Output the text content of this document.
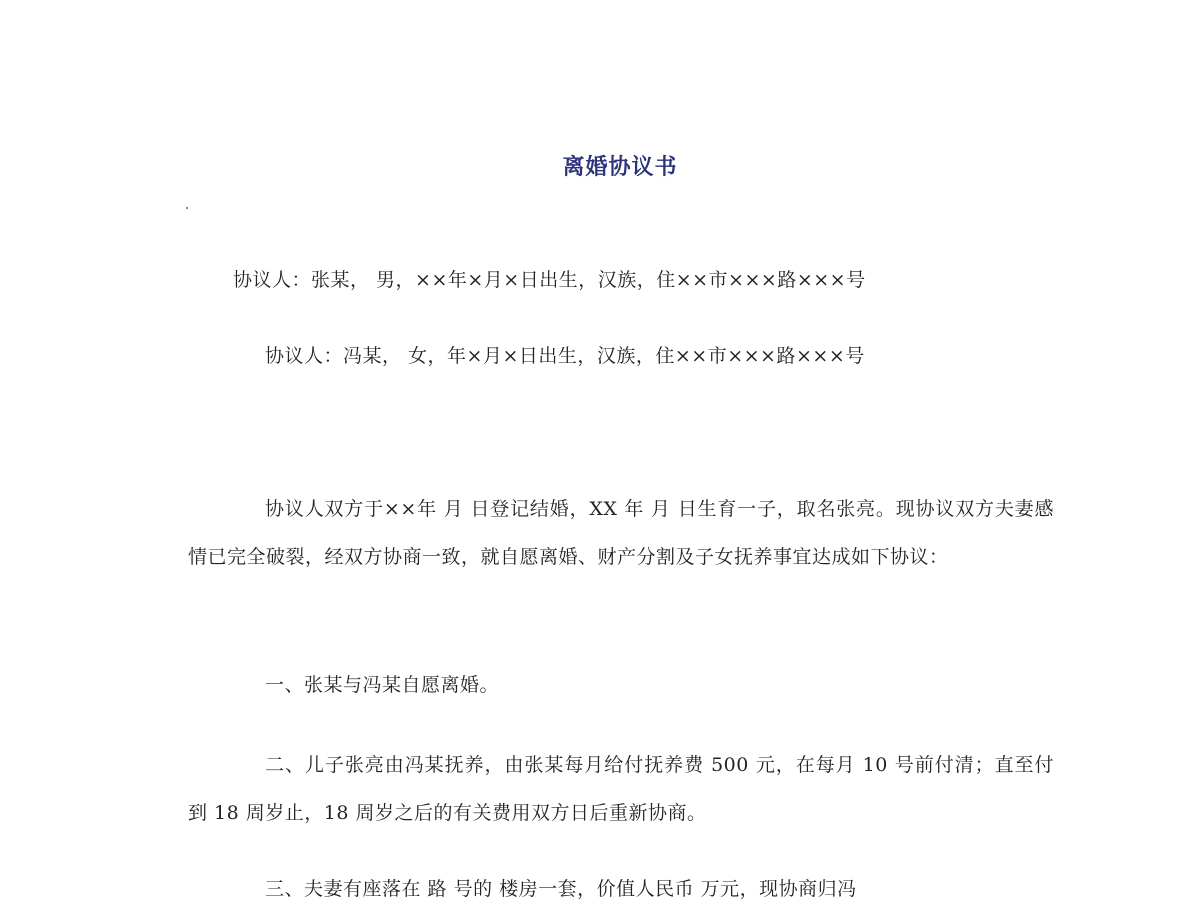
离婚协议书
协议人：张某， 男，××年×月×日出生，汉族，住××市×××路×××号
协议人：冯某， 女，年×月×日出生，汉族，住××市×××路×××号
协议人双方于××年 月 日登记结婚，XX 年 月 日生育一子，取名张亮。现协议双方夫妻感情已完全破裂，经双方协商一致，就自愿离婚、财产分割及子女抚养事宜达成如下协议：
一、张某与冯某自愿离婚。
二、儿子张亮由冯某抚养，由张某每月给付抚养费 500 元，在每月 10 号前付清；直至付到 18 周岁止，18 周岁之后的有关费用双方日后重新协商。
三、夫妻有座落在 路 号的 楼房一套，价值人民币 万元，现协商归冯
